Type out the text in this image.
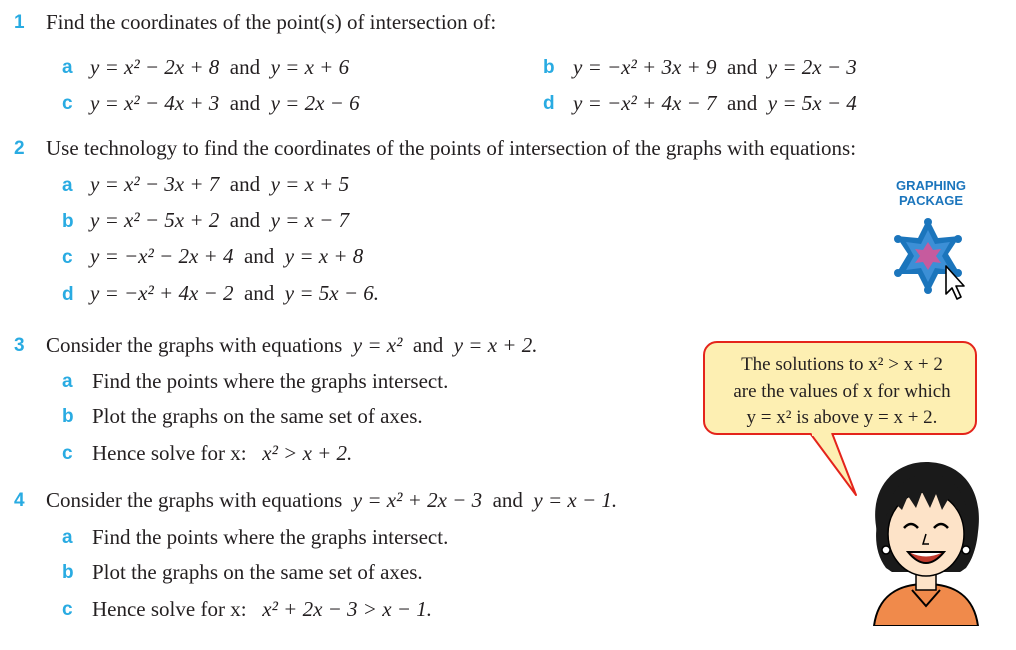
1 Find the coordinates of the point(s) of intersection of:
a y = x² − 2x + 8 and y = x + 6	b y = −x² + 3x + 9 and y = 2x − 3
c y = x² − 4x + 3 and y = 2x − 6	d y = −x² + 4x − 7 and y = 5x − 4
2 Use technology to find the coordinates of the points of intersection of the graphs with equations:
a y = x² − 3x + 7 and y = x + 5
b y = x² − 5x + 2 and y = x − 7
c y = −x² − 2x + 4 and y = x + 8
d y = −x² + 4x − 2 and y = 5x − 6.
GRAPHING
PACKAGE
3 Consider the graphs with equations y = x² and y = x + 2.
a Find the points where the graphs intersect.
b Plot the graphs on the same set of axes.
c Hence solve for x: x² > x + 2.
The solutions to x² > x + 2
are the values of x for which
y = x² is above y = x + 2.
4 Consider the graphs with equations y = x² + 2x − 3 and y = x − 1.
a Find the points where the graphs intersect.
b Plot the graphs on the same set of axes.
c Hence solve for x: x² + 2x − 3 > x − 1.
